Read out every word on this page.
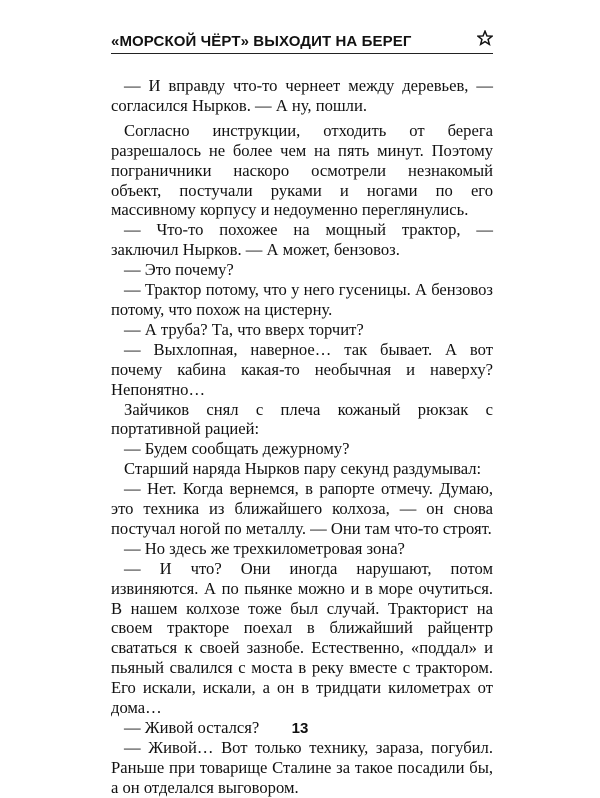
«МОРСКОЙ ЧЁРТ» ВЫХОДИТ НА БЕРЕГ

— И вправду что-то чернеет между деревьев, — согласился Нырков. — А ну, пошли.

Согласно инструкции, отходить от берега разрешалось не более чем на пять минут. Поэтому пограничники наскоро осмотрели незнакомый объект, постучали руками и ногами по его массивному корпусу и недоуменно переглянулись.

— Что-то похожее на мощный трактор, — заключил Нырков. — А может, бензовоз.

— Это почему?

— Трактор потому, что у него гусеницы. А бензовоз потому, что похож на цистерну.

— А труба? Та, что вверх торчит?

— Выхлопная, наверное… так бывает. А вот почему кабина какая-то необычная и наверху? Непонятно…

Зайчиков снял с плеча кожаный рюкзак с портативной рацией:

— Будем сообщать дежурному?

Старший наряда Нырков пару секунд раздумывал:

— Нет. Когда вернемся, в рапорте отмечу. Думаю, это техника из ближайшего колхоза, — он снова постучал ногой по металлу. — Они там что-то строят.

— Но здесь же трехкилометровая зона?

— И что? Они иногда нарушают, потом извиняются. А по пьянке можно и в море очутиться. В нашем колхозе тоже был случай. Тракторист на своем тракторе поехал в ближайший райцентр свататься к своей зазнобе. Естественно, «поддал» и пьяный свалился с моста в реку вместе с трактором. Его искали, искали, а он в тридцати километрах от дома…

— Живой остался?

— Живой… Вот только технику, зараза, погубил. Раньше при товарище Сталине за такое посадили бы, а он отделался выговором.

13
